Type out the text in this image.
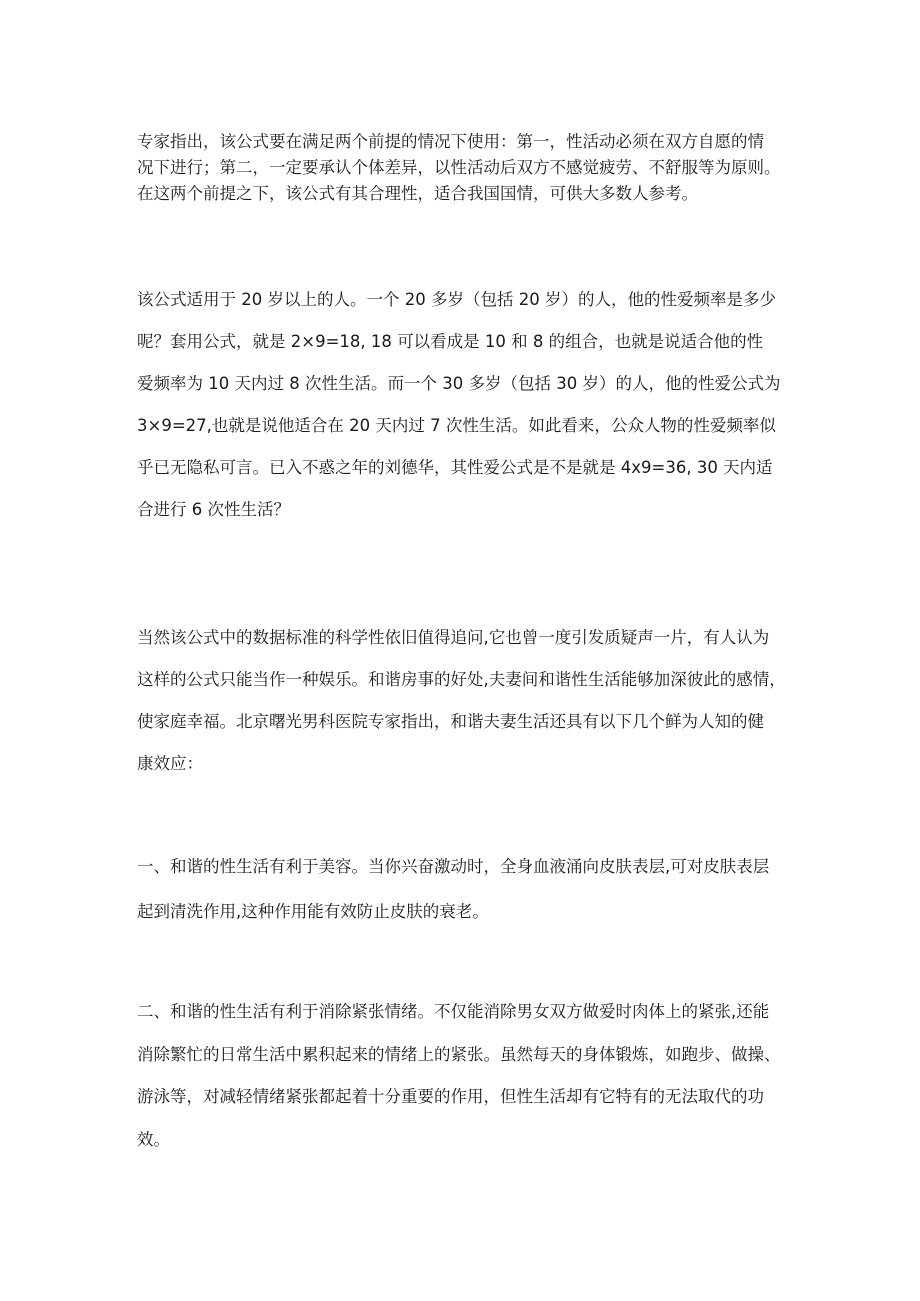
专家指出，该公式要在满足两个前提的情况下使用：第一，性活动必须在双方自愿的情
况下进行；第二，一定要承认个体差异，以性活动后双方不感觉疲劳、不舒服等为原则。
在这两个前提之下，该公式有其合理性，适合我国国情，可供大多数人参考。

该公式适用于 20 岁以上的人。一个 20 多岁（包括 20 岁）的人，他的性爱频率是多少
呢？套用公式，就是 2×9=18, 18 可以看成是 10 和 8 的组合，也就是说适合他的性
爱频率为 10 天内过 8 次性生活。而一个 30 多岁（包括 30 岁）的人，他的性爱公式为
3×9=27,也就是说他适合在 20 天内过 7 次性生活。如此看来，公众人物的性爱频率似
乎已无隐私可言。已入不惑之年的刘德华，其性爱公式是不是就是 4x9=36, 30 天内适
合进行 6 次性生活？

当然该公式中的数据标准的科学性依旧值得追问,它也曾一度引发质疑声一片，有人认为
这样的公式只能当作一种娱乐。和谐房事的好处,夫妻间和谐性生活能够加深彼此的感情，
使家庭幸福。北京曙光男科医院专家指出，和谐夫妻生活还具有以下几个鲜为人知的健
康效应：

一、和谐的性生活有利于美容。当你兴奋激动时，全身血液涌向皮肤表层,可对皮肤表层
起到清洗作用,这种作用能有效防止皮肤的衰老。

二、和谐的性生活有利于消除紧张情绪。不仅能消除男女双方做爱时肉体上的紧张,还能
消除繁忙的日常生活中累积起来的情绪上的紧张。虽然每天的身体锻炼，如跑步、做操、
游泳等，对减轻情绪紧张都起着十分重要的作用，但性生活却有它特有的无法取代的功
效。
